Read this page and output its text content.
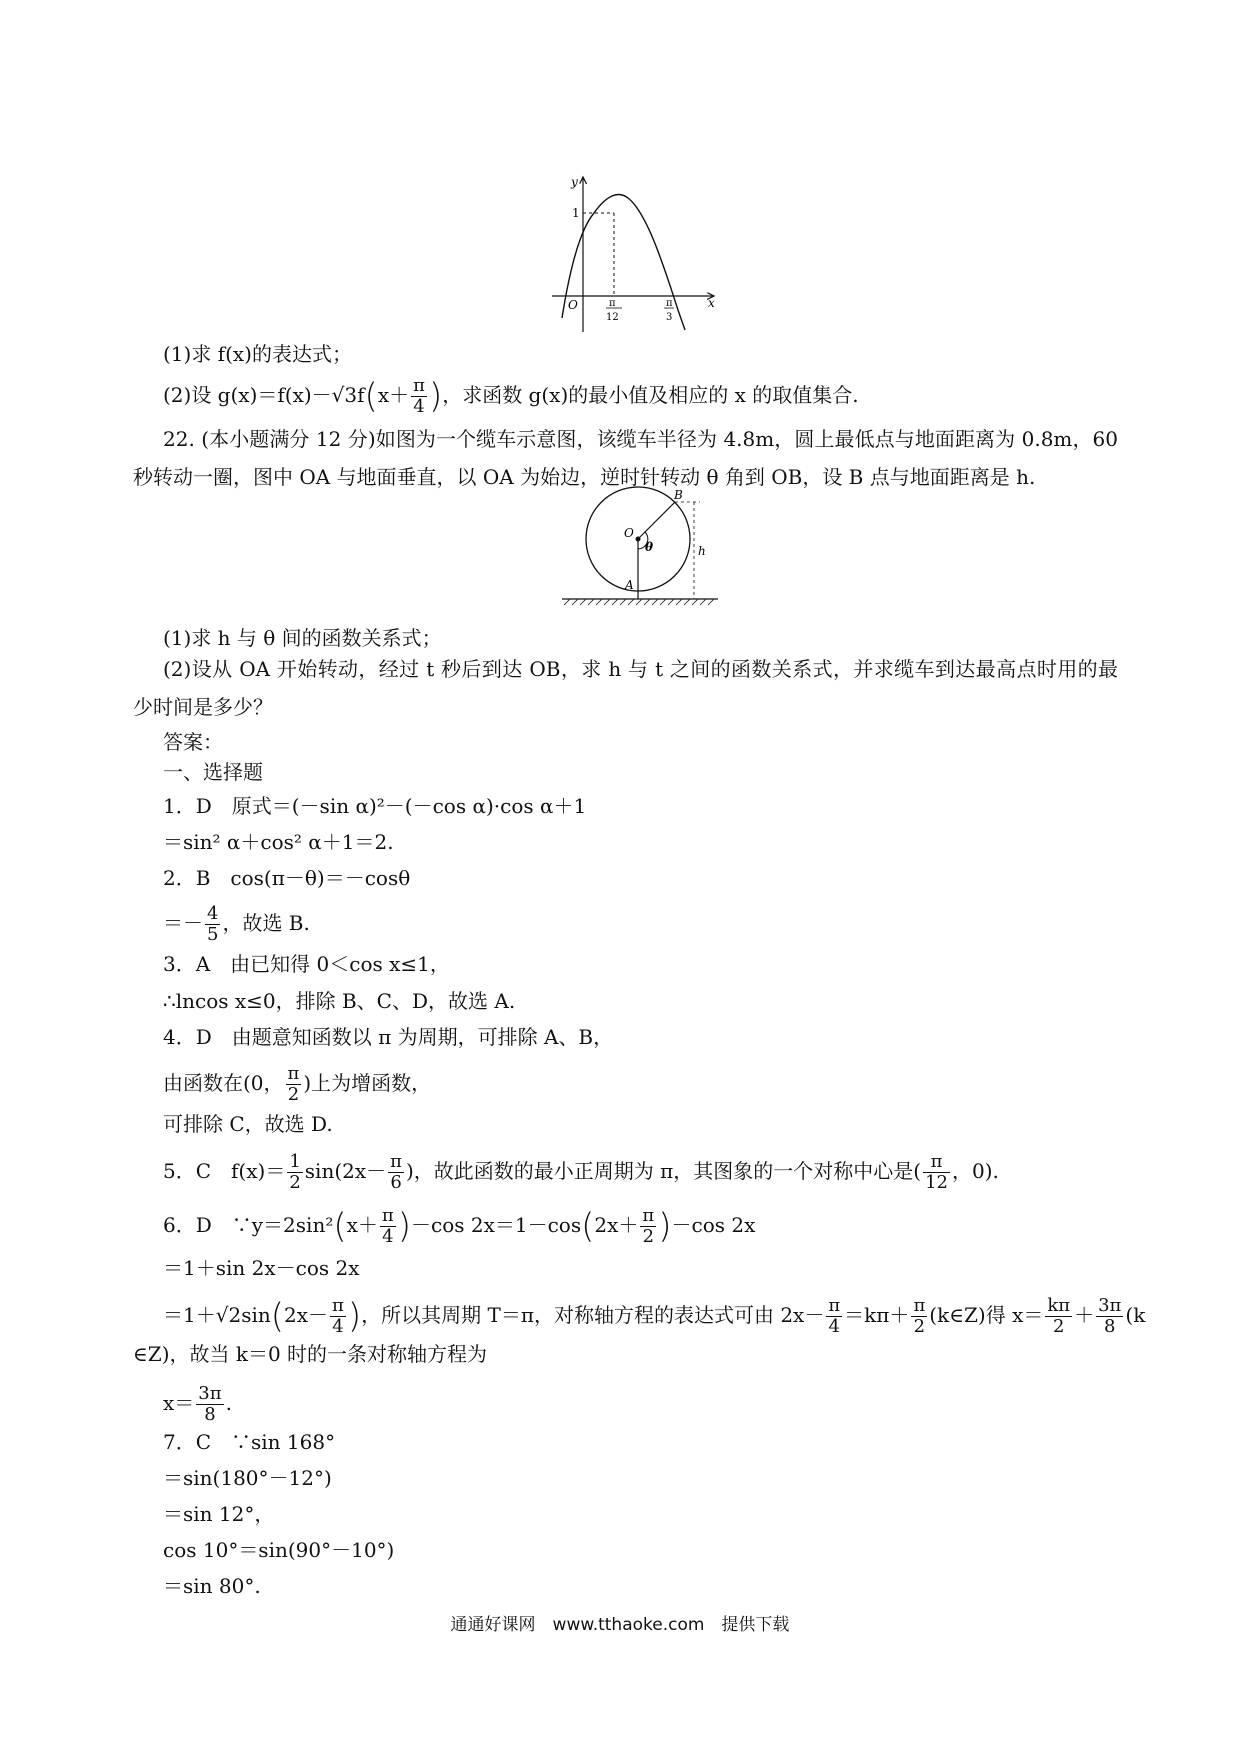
y
x
1
O	π
12
π
3
(1)求 f(x)的表达式；
(2)设 $g(x)=f(x)-√3f(x+ \frac{\pi}{4}$ )，求函数 g(x)的最小值及相应的 x 的取值集合.
22. (本小题满分 12 分)如图为一个缆车示意图，该缆车半径为 4.8m，圆上最低点与地面距离为 0.8m，60 秒转动一圈，图中 OA 与地面垂直，以 OA 为始边，逆时针转动 θ 角到 OB，设 B 点与地面距离是 h.
O
A
B
θ	h
(1)求 h 与 θ 间的函数关系式；
(2)设从 OA 开始转动，经过 t 秒后到达 OB，求 h 与 t 之间的函数关系式，并求缆车到达最高点时用的最少时间是多少？
答案：
一、选择题
1．D　原式＝(－sin α)²－(－cos α)·cos α＋1
＝sin² α＋cos² α＋1＝2.
2．B　cos(π－θ)＝－cosθ
＝－ $\frac{4}{5}$ ，故选 B.
3．A　由已知得 0＜cos x≤1，
∴lncos x≤0，排除 B、C、D，故选 A.
4．D　由题意知函数以 π 为周期，可排除 A、B，
由函数在(0， $\frac{\pi}{2}$ )上为增函数，
可排除 C，故选 D.
5．C　$f(x)= \frac{1}{2} \sin(2x- \frac{\pi}{6}$ )，故此函数的最小正周期为 π，其图象的一个对称中心是( $\frac{\pi}{12}$ ，0).
6．D　∵y＝2sin²(x＋ $\frac{\pi}{4} )-\cos$ $2x=1-\cos(2x+ \frac{\pi}{2} )-\cos$ 2x
＝1＋sin 2x－cos 2x
$=1+√2\sin(2x- \frac{\pi}{4}$ )，所以其周期 T＝π，对称轴方程的表达式可由 $2x- \frac{\pi}{4} =k\pi+ \frac{\pi}{2}$ (k∈Z)得 $x= \frac{k\pi}{2} + \frac{3\pi}{8} (k$
∈Z)，故当 k＝0 时的一条对称轴方程为
$x= \frac{3\pi}{8}$ .
7．C　∵sin 168°
＝sin(180°－12°)
＝sin 12°，
cos 10°＝sin(90°－10°)
＝sin 80°.
通通好课网　www.tthaoke.com　提供下载
